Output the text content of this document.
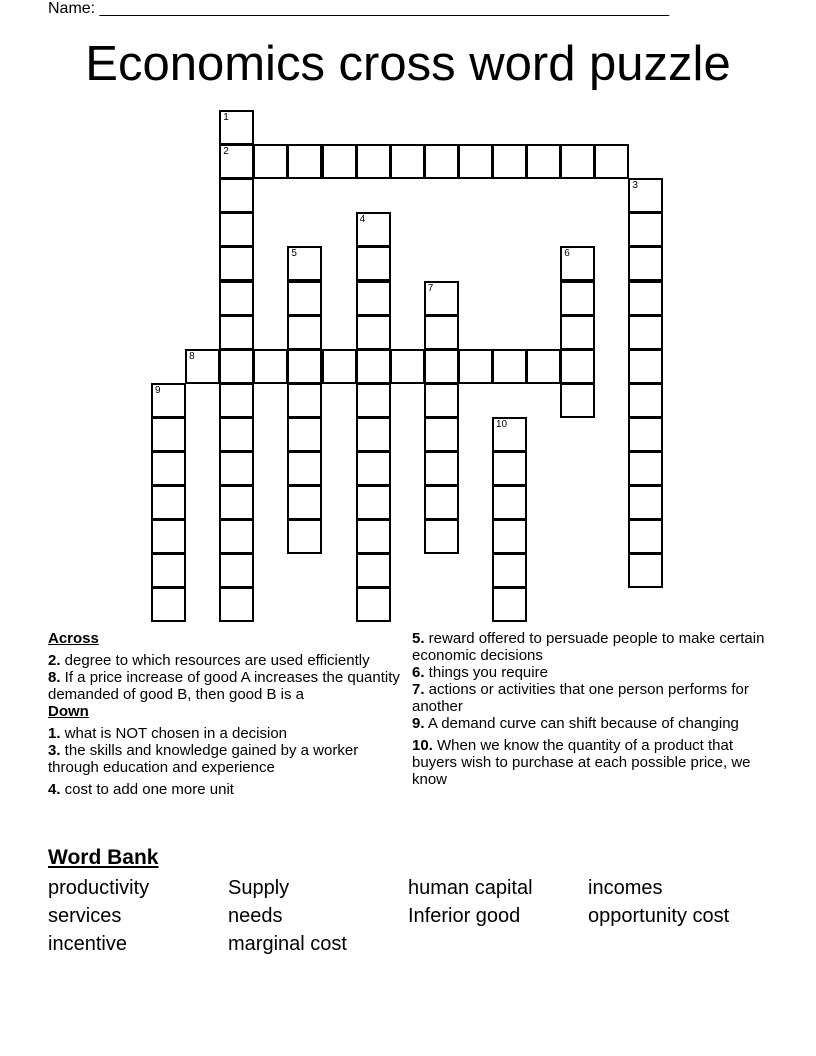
Name: ________________________________________________________________
Economics cross word puzzle
1
2
3
4
5	6
7
8
9
10
Across

2. degree to which resources are used efficiently

8. If a price increase of good A increases the quantity demanded of good B, then good B is a

Down

1. what is NOT chosen in a decision

3. the skills and knowledge gained by a worker through education and experience

4. cost to add one more unit

5. reward offered to persuade people to make certain economic decisions

6. things you require

7. actions or activities that one person performs for another

9. A demand curve can shift because of changing

10. When we know the quantity of a product that buyers wish to purchase at each possible price, we know

Word Bank
productivity	Supply	human capital	incomes
services	needs	Inferior good	opportunity cost
incentive	marginal cost
